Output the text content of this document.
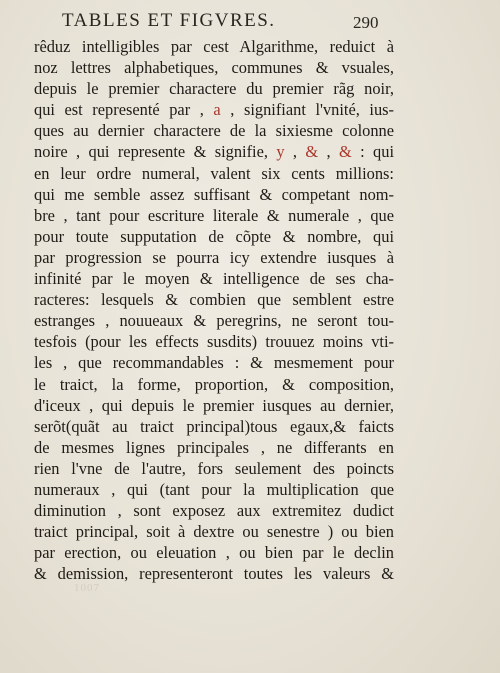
TABLES ET FIGVRES.	290
rêduz intelligibles par cest Algarithme, reduict à
noz lettres alphabetiques, communes & vsuales,
depuis le premier charactere du premier rãg noir,
qui est represent‌é par , a , signifiant l'vnité, ius-
ques au dernier charactere de la sixiesme colonne
noire , qui represente & signifie, y , & , & : qui
en leur ordre numeral, valent six cents millions:
qui me semble assez suffisant & competant nom-
bre , tant pour escriture literale & numerale , que
pour toute supputation de cõpte & nombre, qui
par progression se pourra icy extendre iusques à
infinité par le moyen & intelligence de ses cha-
racteres: lesquels & combien que semblent estre
estranges , nouueaux & peregrins, ne seront tou-
tesfois (pour les effects susdits) trouuez moins vti-
les , que recommandables : & mesmement pour
le traict, la forme, proportion, & composition,
d'iceux , qui depuis le premier iusques au dernier,
serõt(quãt au traict principal)tous egaux,& faicts
de mesmes lignes principales , ne differants en
rien l'vne de l'autre, fors seulement des poincts
numeraux , qui (tant pour la multiplication que
diminution , sont exposez aux extremitez dudict
traict principal, soit à dextre ou senestre ) ou bien
par erection, ou eleuation , ou bien par le declin
& demission, representeront toutes les valeurs &
1007
